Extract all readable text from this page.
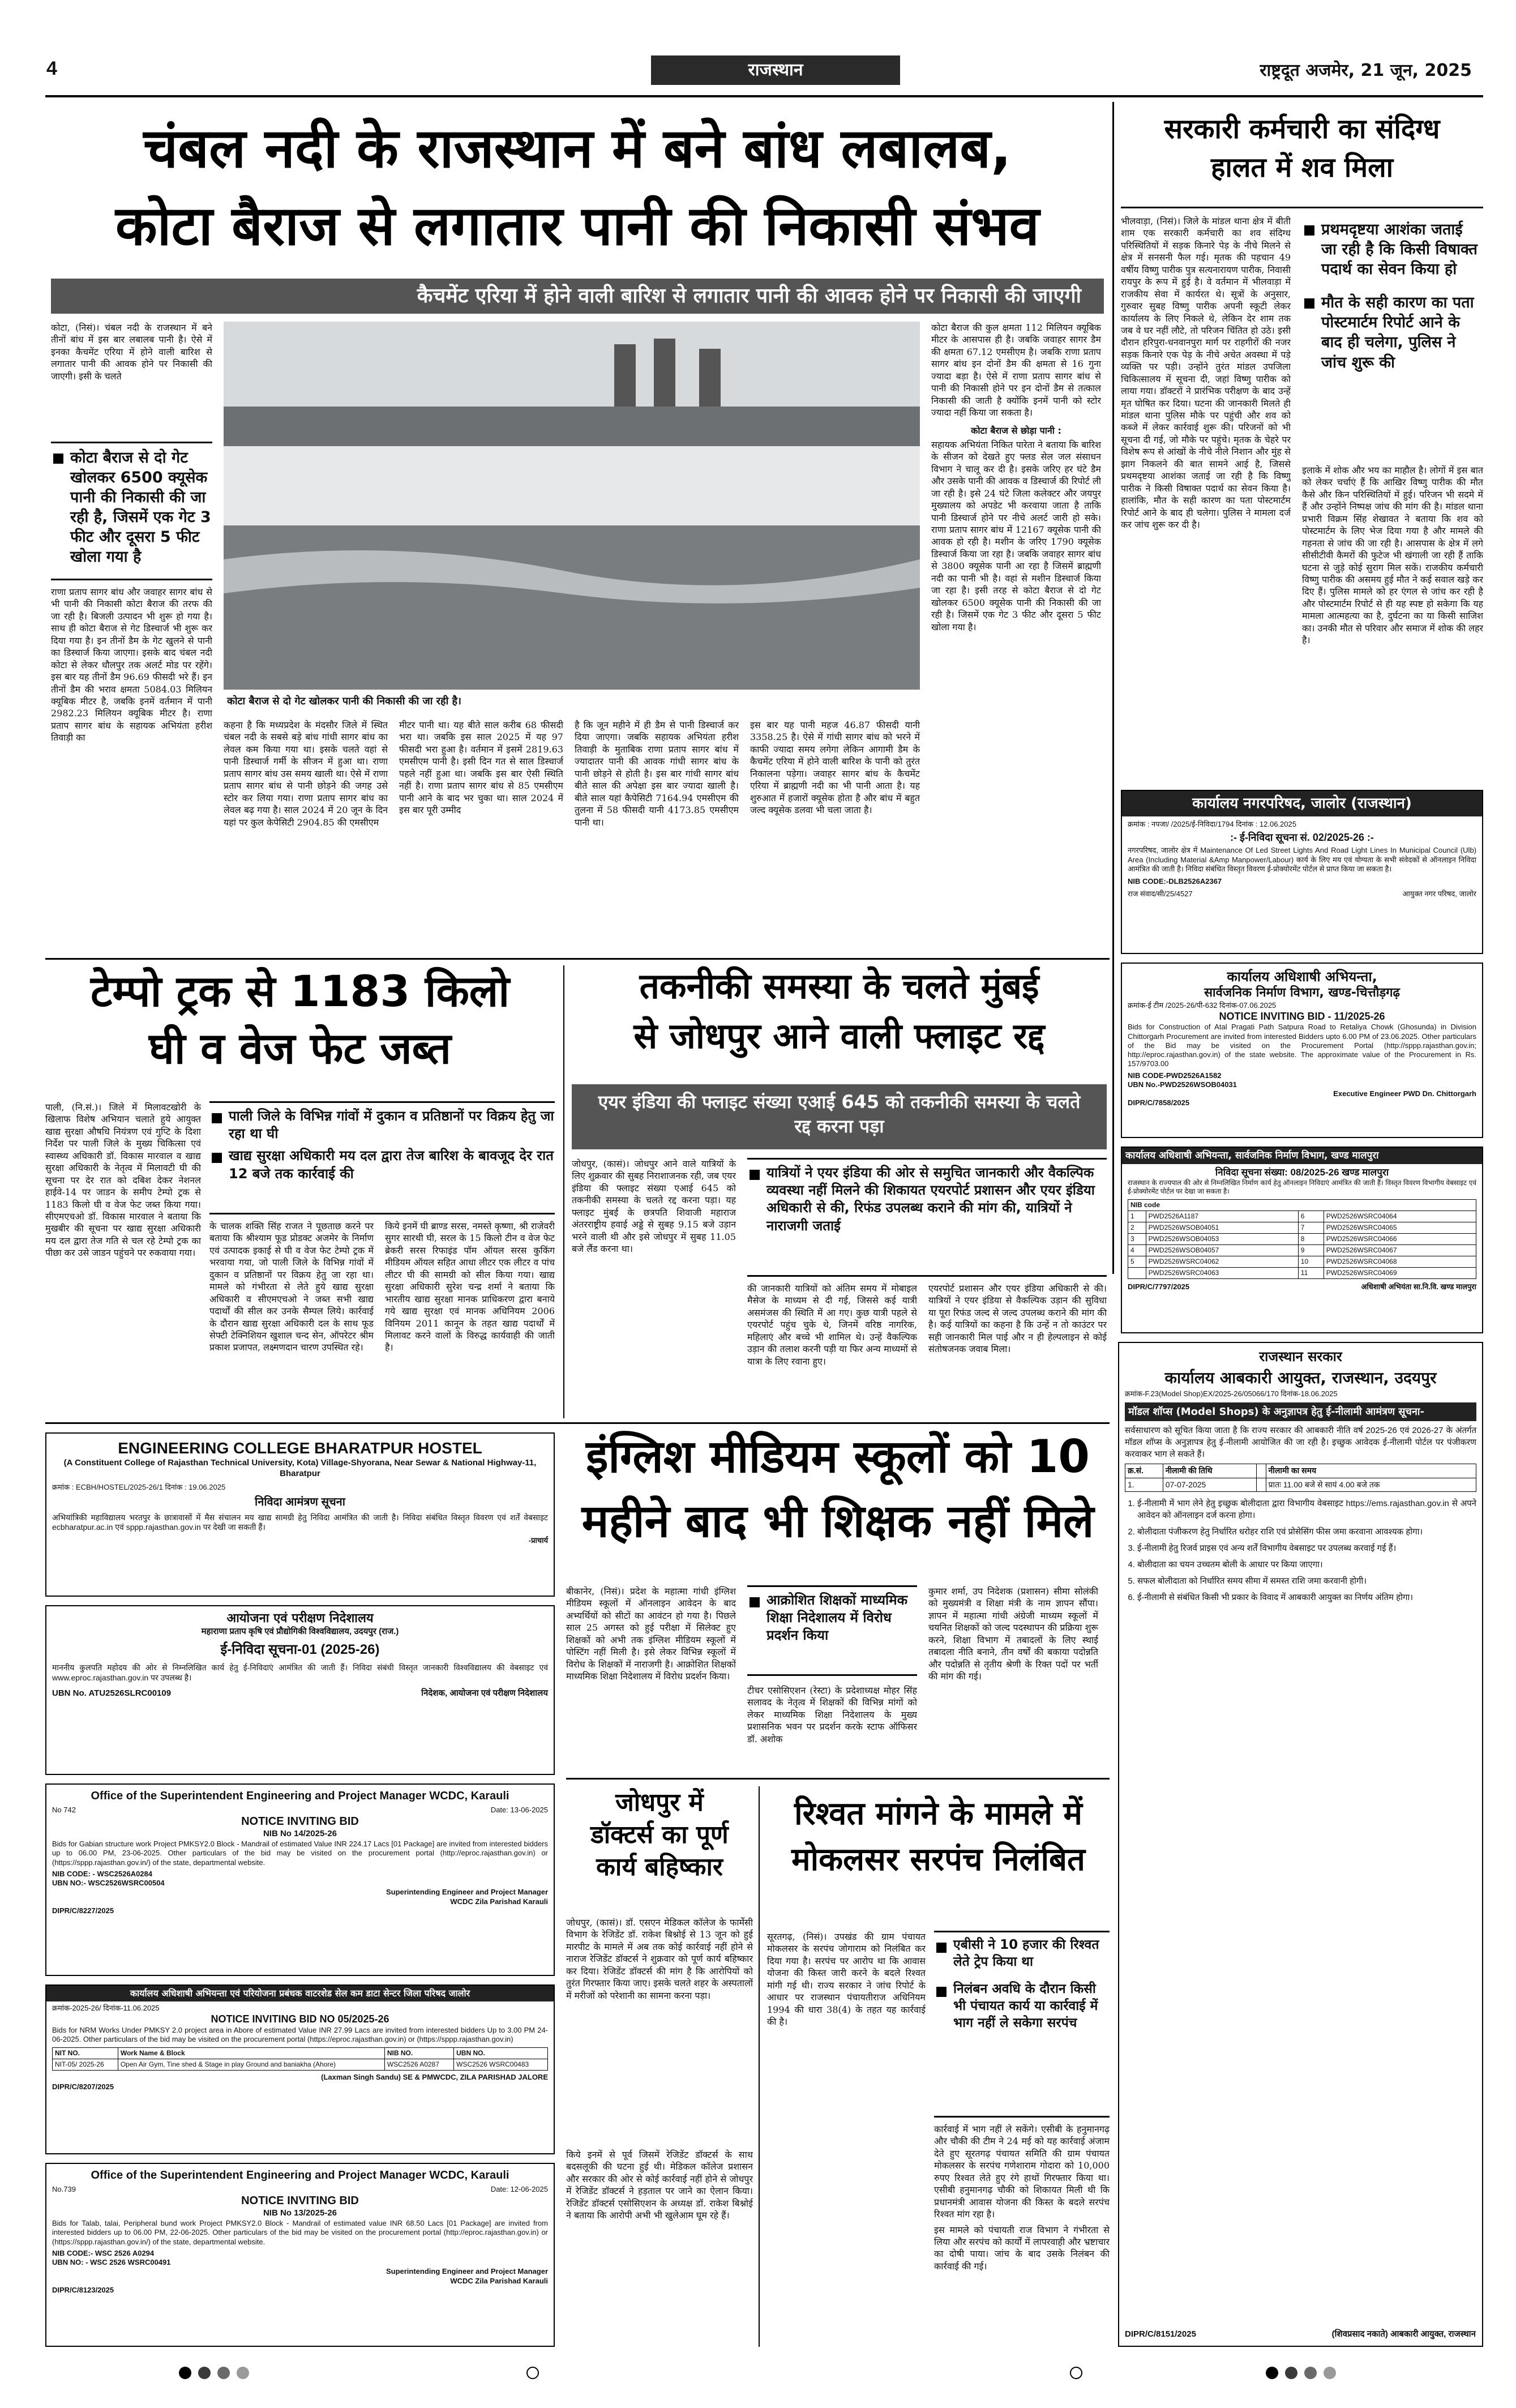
4	राजस्थान	राष्ट्रदूत अजमेर, 21 जून, 2025
चंबल नदी के राजस्थान में बने बांध लबालब,
कोटा बैराज से लगातार पानी की निकासी संभव
कैचमेंट एरिया में होने वाली बारिश से लगातार पानी की आवक होने पर निकासी की जाएगी

कोटा, (निसं)। चंबल नदी के राजस्थान में बने तीनों बांध में इस बार लबालब पानी है। ऐसे में इनका कैचमेंट एरिया में होने वाली बारिश से लगातार पानी की आवक होने पर निकासी की जाएगी। इसी के चलते

कोटा बैराज से दो गेट खोलकर 6500 क्यूसेक पानी की निकासी की जा रही है, जिसमें एक गेट 3 फीट और दूसरा 5 फीट खोला गया है

राणा प्रताप सागर बांध और जवाहर सागर बांध से भी पानी की निकासी कोटा बैराज की तरफ की जा रही है। बिजली उत्पादन भी शुरू हो गया है। साथ ही कोटा बैराज से गेट डिस्चार्ज भी शुरू कर दिया गया है। इन तीनों डैम के गेट खुलने से पानी का डिस्चार्ज किया जाएगा। इसके बाद चंबल नदी कोटा से लेकर धौलपुर तक अलर्ट मोड पर रहेंगे। इस बार यह तीनों डैम 96.69 फीसदी भरे हैं। इन तीनों डैम की भराव क्षमता 5084.03 मिलियन क्यूबिक मीटर है, जबकि इनमें वर्तमान में पानी 2982.23 मिलियन क्यूबिक मीटर है। राणा प्रताप सागर बांध के सहायक अभियंता हरीश तिवाड़ी का

कोटा बैराज से दो गेट खोलकर पानी की निकासी की जा रही है।

कहना है कि मध्यप्रदेश के मंदसौर जिले में स्थित चंबल नदी के सबसे बड़े बांध गांधी सागर बांध का लेवल कम किया गया था। इसके चलते वहां से पानी डिस्चार्ज गर्मी के सीजन में हुआ था। राणा प्रताप सागर बांध उस समय खाली था। ऐसे में राणा प्रताप सागर बांध से पानी छोड़ने की जगह उसे स्टोर कर लिया गया। राणा प्रताप सागर बांध का लेवल बढ़ गया है। साल 2024 में 20 जून के दिन यहां पर कुल केपेसिटी 2904.85 की एमसीएम

मीटर पानी था। यह बीते साल करीब 68 फीसदी भरा था। जबकि इस साल 2025 में यह 97 फीसदी भरा हुआ है। वर्तमान में इसमें 2819.63 एमसीएम पानी है। इसी दिन गत से साल डिस्चार्ज पहले नहीं हुआ था। जबकि इस बार ऐसी स्थिति नहीं है। राणा प्रताप सागर बांध से 85 एमसीएम पानी आने के बाद भर चुका था। साल 2024 में इस बार पूरी उम्मीद

है कि जून महीने में ही डैम से पानी डिस्चार्ज कर दिया जाएगा। जबकि सहायक अभियंता हरीश तिवाड़ी के मुताबिक राणा प्रताप सागर बांध में ज्यादातर पानी की आवक गांधी सागर बांध के पानी छोड़ने से होती है। इस बार गांधी सागर बांध बीते साल की अपेक्षा इस बार ज्यादा खाली है। बीते साल यहां कैपेसिटी 7164.94 एमसीएम की तुलना में 58 फीसदी यानी 4173.85 एमसीएम पानी था।

इस बार यह पानी महज 46.87 फीसदी यानी 3358.25 है। ऐसे में गांधी सागर बांध को भरने में काफी ज्यादा समय लगेगा लेकिन आगामी डैम के कैचमेंट एरिया में होने वाली बारिश के पानी को तुरंत निकालना पड़ेगा। जवाहर सागर बांध के कैचमेंट एरिया में ब्राह्मणी नदी का भी पानी आता है। यह शुरुआत में हजारों क्यूसेक होता है और बांध में बहुत जल्द क्यूसेक डलवा भी चला जाता है।

कोटा बैराज की कुल क्षमता 112 मिलियन क्यूबिक मीटर के आसपास ही है। जबकि जवाहर सागर डैम की क्षमता 67.12 एमसीएम है। जबकि राणा प्रताप सागर बांध इन दोनों डैम की क्षमता से 16 गुना ज्यादा बड़ा है। ऐसे में राणा प्रताप सागर बांध से पानी की निकासी होने पर इन दोनों डैम से तत्काल निकासी की जाती है क्योंकि इनमें पानी को स्टोर ज्यादा नहीं किया जा सकता है।

कोटा बैराज से छोड़ा पानी :

सहायक अभियंता निकित पारेता ने बताया कि बारिश के सीजन को देखते हुए फ्लड सेल जल संसाधन विभाग ने चालू कर दी है। इसके जरिए हर घंटे डैम और उसके पानी की आवक व डिस्चार्ज की रिपोर्ट ली जा रही है। इसे 24 घंटे जिला कलेक्टर और जयपुर मुख्यालय को अपडेट भी करवाया जाता है ताकि पानी डिस्चार्ज होने पर नीचे अलर्ट जारी हो सके। राणा प्रताप सागर बांध में 12167 क्यूसेक पानी की आवक हो रही है। मशीन के जरिए 1790 क्यूसेक डिस्चार्ज किया जा रहा है। जबकि जवाहर सागर बांध से 3800 क्यूसेक पानी आ रहा है जिसमें ब्राह्मणी नदी का पानी भी है। वहां से मशीन डिस्चार्ज किया जा रहा है। इसी तरह से कोटा बैराज से दो गेट खोलकर 6500 क्यूसेक पानी की निकासी की जा रही है। जिसमें एक गेट 3 फीट और दूसरा 5 फीट खोला गया है।

सरकारी कर्मचारी का संदिग्ध
हालत में शव मिला

भीलवाड़ा, (निसं)। जिले के मांडल थाना क्षेत्र में बीती शाम एक सरकारी कर्मचारी का शव संदिग्ध परिस्थितियों में सड़क किनारे पेड़ के नीचे मिलने से क्षेत्र में सनसनी फैल गई। मृतक की पहचान 49 वर्षीय विष्णु पारीक पुत्र सत्यनारायण पारीक, निवासी रायपुर के रूप में हुई है। वे वर्तमान में भीलवाड़ा में राजकीय सेवा में कार्यरत थे। सूत्रों के अनुसार, गुरुवार सुबह विष्णु पारीक अपनी स्कूटी लेकर कार्यालय के लिए निकले थे, लेकिन देर शाम तक जब वे घर नहीं लौटे, तो परिजन चिंतित हो उठे। इसी दौरान हरिपुरा-धनवानपुरा मार्ग पर राहगीरों की नजर सड़क किनारे एक पेड़ के नीचे अचेत अवस्था में पड़े व्यक्ति पर पड़ी। उन्होंने तुरंत मांडल उपजिला चिकित्सालय में सूचना दी, जहां विष्णु पारीक को लाया गया। डॉक्टरों ने प्रारंभिक परीक्षण के बाद उन्हें मृत घोषित कर दिया। घटना की जानकारी मिलते ही मांडल थाना पुलिस मौके पर पहुंची और शव को कब्जे में लेकर कार्रवाई शुरू की। परिजनों को भी सूचना दी गई, जो मौके पर पहुंचे। मृतक के चेहरे पर विशेष रूप से आंखों के नीचे नीले निशान और मुंह से झाग निकलने की बात सामने आई है, जिससे प्रथमदृष्टया आशंका जताई जा रही है कि विष्णु पारीक ने किसी विषाक्त पदार्थ का सेवन किया है। हालांकि, मौत के सही कारण का पता पोस्टमार्टम रिपोर्ट आने के बाद ही चलेगा। पुलिस ने मामला दर्ज कर जांच शुरू कर दी है।

प्रथमदृष्टया आशंका जताई जा रही है कि किसी विषाक्त पदार्थ का सेवन किया हो
मौत के सही कारण का पता पोस्टमार्टम रिपोर्ट आने के बाद ही चलेगा, पुलिस ने जांच शुरू की

इलाके में शोक और भय का माहौल है। लोगों में इस बात को लेकर चर्चाएं हैं कि आखिर विष्णु पारीक की मौत कैसे और किन परिस्थितियों में हुई। परिजन भी सदमे में हैं और उन्होंने निष्पक्ष जांच की मांग की है। मांडल थाना प्रभारी विक्रम सिंह शेखावत ने बताया कि शव को पोस्टमार्टम के लिए भेज दिया गया है और मामले की गहनता से जांच की जा रही है। आसपास के क्षेत्र में लगे सीसीटीवी कैमरों की फुटेज भी खंगाली जा रही हैं ताकि घटना से जुड़े कोई सुराग मिल सकें। राजकीय कर्मचारी विष्णु पारीक की असमय हुई मौत ने कई सवाल खड़े कर दिए हैं। पुलिस मामले को हर एंगल से जांच कर रही है और पोस्टमार्टम रिपोर्ट से ही यह स्पष्ट हो सकेगा कि यह मामला आत्महत्या का है, दुर्घटना का या किसी साजिश का। उनकी मौत से परिवार और समाज में शोक की लहर है।

कार्यालय नगरपरिषद, जालोर (राजस्थान)
क्रमांक : नपजा/ /2025/ई-निविदा/1794 दिनांक : 12.06.2025
:- ई-निविदा सूचना सं. 02/2025-26 :-
नगरपरिषद, जालोर क्षेत्र में Maintenance Of Led Street Lights And Road Light Lines In Municipal Council (Ulb) Area (Including Material &Amp Manpower/Labour) कार्य के लिए मय एवं योग्यता के सभी संवेदकों से ऑनलाइन निविदा आमंत्रित की जाती है। निविदा संबंधित विस्तृत विवरण ई-प्रोक्योरमेंट पोर्टल से प्राप्त किया जा सकता है।
NIB CODE:-DLB2526A2367
राज संवाद/सी/25/4527	आयुक्त नगर परिषद, जालोर
कार्यालय अधिशाषी अभियन्ता,
सार्वजनिक निर्माण विभाग, खण्ड-चित्तौड़गढ़
क्रमांक-ई टीम /2025-26/पी-632 दिनांक-07.06.2025
NOTICE INVITING BID - 11/2025-26
Bids for Construction of Atal Pragati Path Satpura Road to Retaliya Chowk (Ghosunda) in Division Chittorgarh Procurement are invited from interested Bidders upto 6.00 PM of 23.06.2025. Other particulars of the Bid may be visited on the Procurement Portal (http://sppp.rajasthan.gov.in; http://eproc.rajasthan.gov.in) of the state website. The approximate value of the Procurement in Rs. 157/9703.00
NIB CODE-PWD2526A1582
UBN No.-PWD2526WSOB04031
Executive Engineer PWD Dn. Chittorgarh
DIPR/C/7858/2025
कार्यालय अधिशाषी अभियन्ता, सार्वजनिक निर्माण विभाग, खण्ड मालपुरा
निविदा सूचना संख्या: 08/2025-26 खण्ड मालपुरा
राजस्थान के राज्यपाल की ओर से निम्नलिखित निर्माण कार्य हेतु ऑनलाइन निविदाएं आमंत्रित की जाती हैं। विस्तृत विवरण विभागीय वेबसाइट एवं ई-प्रोक्योरमेंट पोर्टल पर देखा जा सकता है।
NIB code			
1	PWD2526A1187	6	PWD2526WSRC04064
2	PWD2526WSOB04051	7	PWD2526WSRC04065
3	PWD2526WSOB04053	8	PWD2526WSRC04066
4	PWD2526WSOB04057	9	PWD2526WSRC04067
5	PWD2526WSRC04062	10	PWD2526WSRC04068
	PWD2526WSRC04063	11	PWD2526WSRC04069
DIPR/C/7797/2025	अधिशाषी अभियंता सा.नि.वि. खण्ड मालपुरा
टेम्पो ट्रक से 1183 किलो
घी व वेज फेट जब्त

पाली, (नि.सं.)। जिले में मिलावटखोरी के खिलाफ विशेष अभियान चलाते हुये आयुक्त खाद्य सुरक्षा औषधि नियंत्रण एवं गुप्टि के दिशा निर्देश पर पाली जिले के मुख्य चिकित्सा एवं स्वास्थ्य अधिकारी डॉ. विकास मारवाल व खाद्य सुरक्षा अधिकारी के नेतृत्व में मिलावटी घी की सूचना पर देर रात को दबिश देकर नेशनल हाईवे-14 पर जाडन के समीप टेम्पो ट्रक से 1183 किलो घी व वेज फेट जब्त किया गया। सीएमएचओ डॉ. विकास मारवाल ने बताया कि मुखबीर की सूचना पर खाद्य सुरक्षा अधिकारी मय दल द्वारा तेज गति से चल रहे टेम्पो ट्रक का पीछा कर उसे जाडन पहुंचने पर रुकवाया गया।

पाली जिले के विभिन्न गांवों में दुकान व प्रतिष्ठानों पर विक्रय हेतु जा रहा था घी
खाद्य सुरक्षा अधिकारी मय दल द्वारा तेज बारिश के बावजूद देर रात 12 बजे तक कार्रवाई की

के चालक शक्ति सिंह राजत ने पूछताछ करने पर बताया कि श्रीश्याम फूड प्रोडक्ट अजमेर के निर्माण एवं उत्पादक इकाई से घी व वेज फेट टेम्पो ट्रक में भरवाया गया, जो पाली जिले के विभिन्न गांवों में दुकान व प्रतिष्ठानों पर विक्रय हेतु जा रहा था। मामले को गंभीरता से लेते हुये खाद्य सुरक्षा अधिकारी व सीएमएचओ ने जब्त सभी खाद्य पदार्थों की सील कर उनके सैम्पल लिये। कार्रवाई के दौरान खाद्य सुरक्षा अधिकारी दल के साथ फूड सेफ्टी टेक्निशियन खुशाल चन्द सेन, ऑपरेटर श्रीम प्रकाश प्रजापत, लक्ष्मणदान चारण उपस्थित रहे।

किये इनमें घी ब्राण्ड सरस, नमस्ते कृष्णा, श्री राजेवरी सुगर सारथी घी, सरल के 15 किलो टीन व वेज फेट ब्रेकरी सरस रिफाइंड पॉम ऑयल सरस कुकिंग मीडियम ऑयल सहित आधा लीटर एक लीटर व पांच लीटर घी की सामग्री को सील किया गया। खाद्य सुरक्षा अधिकारी सुरेश चन्द्र शर्मा ने बताया कि भारतीय खाद्य सुरक्षा मानक प्राधिकरण द्वारा बनाये गये खाद्य सुरक्षा एवं मानक अधिनियम 2006 विनियम 2011 कानून के तहत खाद्य पदार्थों में मिलावट करने वालों के विरुद्ध कार्यवाही की जाती है।

तकनीकी समस्या के चलते मुंबई
से जोधपुर आने वाली फ्लाइट रद्द
एयर इंडिया की फ्लाइट संख्या एआई 645 को तकनीकी समस्या के चलते रद्द करना पड़ा

जोधपुर, (कासं)। जोधपुर आने वाले यात्रियों के लिए शुक्रवार की सुबह निराशाजनक रही, जब एयर इंडिया की फ्लाइट संख्या एआई 645 को तकनीकी समस्या के चलते रद्द करना पड़ा। यह फ्लाइट मुंबई के छत्रपति शिवाजी महाराज अंतरराष्ट्रीय हवाई अड्डे से सुबह 9.15 बजे उड़ान भरने वाली थी और इसे जोधपुर में सुबह 11.05 बजे लैंड करना था।

यात्रियों ने एयर इंडिया की ओर से समुचित जानकारी और वैकल्पिक व्यवस्था नहीं मिलने की शिकायत एयरपोर्ट प्रशासन और एयर इंडिया अधिकारी से की, रिफंड उपलब्ध कराने की मांग की, यात्रियों ने नाराजगी जताई

की जानकारी यात्रियों को अंतिम समय में मोबाइल मैसेज के माध्यम से दी गई, जिससे कई यात्री असमंजस की स्थिति में आ गए। कुछ यात्री पहले से एयरपोर्ट पहुंच चुके थे, जिनमें वरिष्ठ नागरिक, महिलाएं और बच्चे भी शामिल थे। उन्हें वैकल्पिक उड़ान की तलाश करनी पड़ी या फिर अन्य माध्यमों से यात्रा के लिए रवाना हुए।

एयरपोर्ट प्रशासन और एयर इंडिया अधिकारी से की। यात्रियों ने एयर इंडिया से वैकल्पिक उड़ान की सुविधा या पूरा रिफंड जल्द से जल्द उपलब्ध कराने की मांग की है। कई यात्रियों का कहना है कि उन्हें न तो काउंटर पर सही जानकारी मिल पाई और न ही हेल्पलाइन से कोई संतोषजनक जवाब मिला।

ENGINEERING COLLEGE BHARATPUR HOSTEL
(A Constituent College of Rajasthan Technical University, Kota) Village-Shyorana, Near Sewar & National Highway-11, Bharatpur
क्रमांक : ECBH/HOSTEL/2025-26/1 दिनांक : 19.06.2025
निविदा आमंत्रण सूचना
अभियांत्रिकी महाविद्यालय भरतपुर के छात्रावासों में मैस संचालन मय खाद्य सामग्री हेतु निविदा आमंत्रित की जाती है। निविदा संबंधित विस्तृत विवरण एवं शर्तें वेबसाइट ecbharatpur.ac.in एवं sppp.rajasthan.gov.in पर देखी जा सकती हैं।
-प्राचार्य
आयोजना एवं परीक्षण निदेशालय
महाराणा प्रताप कृषि एवं प्रौद्योगिकी विश्वविद्यालय, उदयपुर (राज.)
ई-निविदा सूचना-01 (2025-26)
माननीय कुलपति महोदय की ओर से निम्नलिखित कार्य हेतु ई-निविदाएं आमंत्रित की जाती हैं। निविदा संबंधी विस्तृत जानकारी विश्वविद्यालय की वेबसाइट एवं www.eproc.rajasthan.gov.in पर उपलब्ध है।
UBN No. ATU2526SLRC00109	निदेशक, आयोजना एवं परीक्षण निदेशालय
Office of the Superintendent Engineering and Project Manager WCDC, Karauli
No 742	Date: 13-06-2025
NOTICE INVITING BID
NIB No 14/2025-26
Bids for Gabian structure work Project PMKSY2.0 Block - Mandrail of estimated Value INR 224.17 Lacs [01 Package] are invited from interested bidders up to 06.00 PM, 23-06-2025. Other particulars of the bid may be visited on the procurement portal (http://eproc.rajasthan.gov.in) or (https://sppp.rajasthan.gov.in/) of the state, departmental website.
NIB CODE: - WSC2526A0284
UBN NO:- WSC2526WSRC00504
Superintending Engineer and Project Manager WCDC Zila Parishad Karauli
DIPR/C/8227/2025
कार्यालय अधिशाषी अभियन्ता एवं परियोजना प्रबंधक वाटरशेड सेल कम डाटा सेन्टर जिला परिषद जालोर
क्रमांक-2025-26/ दिनांक-11.06.2025
NOTICE INVITING BID NO 05/2025-26
Bids for NRM Works Under PMKSY 2.0 project area in Abore of estimated Value INR 27.99 Lacs are invited from interested bidders Up to 3.00 PM 24-06-2025. Other particulars of the bid may be visited on the procurement portal (https://eproc.rajasthan.gov.in) or (https://sppp.rajasthan.gov.in)
NIT NO.	Work Name & Block	NIB NO.	UBN NO.
NIT-05/ 2025-26	Open Air Gym, Tine shed & Stage in play Ground and baniakha (Ahore)	WSC2526 A0287	WSC2526 WSRC00483
(Laxman Singh Sandu) SE & PMWCDC, ZILA PARISHAD JALORE
DIPR/C/8207/2025
Office of the Superintendent Engineering and Project Manager WCDC, Karauli
No.739	Date: 12-06-2025
NOTICE INVITING BID
NIB No 13/2025-26
Bids for Talab, talai, Peripheral bund work Project PMKSY2.0 Block - Mandrail of estimated value INR 68.50 Lacs [01 Package] are invited from interested bidders up to 06.00 PM, 22-06-2025. Other particulars of the bid may be visited on the procurement portal (http://eproc.rajasthan.gov.in) or (https://sppp.rajasthan.gov.in/) of the state, departmental website.
NIB CODE:- WSC 2526 A0294
UBN NO: - WSC 2526 WSRC00491
Superintending Engineer and Project Manager WCDC Zila Parishad Karauli
DIPR/C/8123/2025
इंग्लिश मीडियम स्कूलों को 10
महीने बाद भी शिक्षक नहीं मिले

बीकानेर, (निसं)। प्रदेश के महात्मा गांधी इंग्लिश मीडियम स्कूलों में ऑनलाइन आवेदन के बाद अभ्यर्थियों को सीटों का आवंटन हो गया है। पिछले साल 25 अगस्त को हुई परीक्षा में सिलेक्ट हुए शिक्षकों को अभी तक इंग्लिश मीडियम स्कूलों में पोस्टिंग नहीं मिली है। इसे लेकर विभिन्न स्कूलों में विरोध के शिक्षकों में नाराजगी है। आक्रोशित शिक्षकों माध्यमिक शिक्षा निदेशालय में विरोध प्रदर्शन किया।

आक्रोशित शिक्षकों माध्यमिक शिक्षा निदेशालय में विरोध प्रदर्शन किया

टीचर एसोसिएशन (रेस्टा) के प्रदेशाध्यक्ष मोहर सिंह सलावद के नेतृत्व में शिक्षकों की विभिन्न मांगों को लेकर माध्यमिक शिक्षा निदेशालय के मुख्य प्रशासनिक भवन पर प्रदर्शन करके स्टाफ ऑफिसर डॉ. अशोक

कुमार शर्मा, उप निदेशक (प्रशासन) सीमा सोलंकी को मुख्यमंत्री व शिक्षा मंत्री के नाम ज्ञापन सौंपा। ज्ञापन में महात्मा गांधी अंग्रेजी माध्यम स्कूलों में चयनित शिक्षकों को जल्द पदस्थापन की प्रक्रिया शुरू करने, शिक्षा विभाग में तबादलों के लिए स्थाई तबादला नीति बनाने, तीन वर्षों की बकाया पदोन्नति और पदोन्नति से तृतीय श्रेणी के रिक्त पदों पर भर्ती की मांग की गई।

जोधपुर में
डॉक्टर्स का पूर्ण
कार्य बहिष्कार

जोधपुर, (कासं)। डॉ. एसएन मेडिकल कॉलेज के फार्मेसी विभाग के रेजिडेंट डॉ. राकेश बिश्नोई से 13 जून को हुई मारपीट के मामले में अब तक कोई कार्रवाई नहीं होने से नाराज रेजिडेंट डॉक्टर्स ने शुक्रवार को पूर्ण कार्य बहिष्कार कर दिया। रेजिडेंट डॉक्टर्स की मांग है कि आरोपियों को तुरंत गिरफ्तार किया जाए। इसके चलते शहर के अस्पतालों में मरीजों को परेशानी का सामना करना पड़ा।

किये इनमें से पूर्व जिसमें रेजिडेंट डॉक्टर्स के साथ बदसलूकी की घटना हुई थी। मेडिकल कॉलेज प्रशासन और सरकार की ओर से कोई कार्रवाई नहीं होने से जोधपुर में रेजिडेंट डॉक्टर्स ने हड़ताल पर जाने का ऐलान किया। रेजिडेंट डॉक्टर्स एसोसिएशन के अध्यक्ष डॉ. राकेश बिश्नोई ने बताया कि आरोपी अभी भी खुलेआम घूम रहे हैं।

रिश्वत मांगने के मामले में
मोकलसर सरपंच निलंबित

सूरतगढ़, (निसं)। उपखंड की ग्राम पंचायत मोकलसर के सरपंच जोगाराम को निलंबित कर दिया गया है। सरपंच पर आरोप था कि आवास योजना की किस्त जारी करने के बदले रिश्वत मांगी गई थी। राज्य सरकार ने जांच रिपोर्ट के आधार पर राजस्थान पंचायतीराज अधिनियम 1994 की धारा 38(4) के तहत यह कार्रवाई की है।

एबीसी ने 10 हजार की रिश्वत लेते ट्रेप किया था
निलंबन अवधि के दौरान किसी भी पंचायत कार्य या कार्रवाई में भाग नहीं ले सकेगा सरपंच

कार्रवाई में भाग नहीं ले सकेंगे। एसीबी के हनुमानगढ़ और चौकी की टीम ने 24 मई को यह कार्रवाई अंजाम देते हुए सूरतगढ़ पंचायत समिति की ग्राम पंचायत मोकलसर के सरपंच गणेशाराम गोदारा को 10,000 रुपए रिश्वत लेते हुए रंगे हाथों गिरफ्तार किया था। एसीबी हनुमानगढ़ चौकी को शिकायत मिली थी कि प्रधानमंत्री आवास योजना की किस्त के बदले सरपंच रिश्वत मांग रहा है।

इस मामले को पंचायती राज विभाग ने गंभीरता से लिया और सरपंच को कार्यों में लापरवाही और भ्रष्टाचार का दोषी पाया। जांच के बाद उसके निलंबन की कार्रवाई की गई।

राजस्थान सरकार
कार्यालय आबकारी आयुक्त, राजस्थान, उदयपुर
क्रमांक-F.23(Model Shop)EX/2025-26/05066/170 दिनांक-18.06.2025
मॉडल शॉप्स (Model Shops) के अनुज्ञापत्र हेतु ई-नीलामी आमंत्रण सूचना-
सर्वसाधारण को सूचित किया जाता है कि राज्य सरकार की आबकारी नीति वर्ष 2025-26 एवं 2026-27 के अंतर्गत मॉडल शॉप्स के अनुज्ञापत्र हेतु ई-नीलामी आयोजित की जा रही है। इच्छुक आवेदक ई-नीलामी पोर्टल पर पंजीकरण करवाकर भाग ले सकते हैं।
क्र.सं.	नीलामी की तिथि		नीलामी का समय
1.	07-07-2025		प्रातः 11.00 बजे से सायं 4.00 बजे तक
1. ई-नीलामी में भाग लेने हेतु इच्छुक बोलीदाता द्वारा विभागीय वेबसाइट https://ems.rajasthan.gov.in से अपने आवेदन को ऑनलाइन दर्ज करना होगा।
2. बोलीदाता पंजीकरण हेतु निर्धारित धरोहर राशि एवं प्रोसेसिंग फीस जमा करवाना आवश्यक होगा।
3. ई-नीलामी हेतु रिजर्व प्राइस एवं अन्य शर्तें विभागीय वेबसाइट पर उपलब्ध करवाई गई हैं।
4. बोलीदाता का चयन उच्चतम बोली के आधार पर किया जाएगा।
5. सफल बोलीदाता को निर्धारित समय सीमा में समस्त राशि जमा करवानी होगी।
6. ई-नीलामी से संबंधित किसी भी प्रकार के विवाद में आबकारी आयुक्त का निर्णय अंतिम होगा।
DIPR/C/8151/2025	(शिवप्रसाद नकाते) आबकारी आयुक्त, राजस्थान
